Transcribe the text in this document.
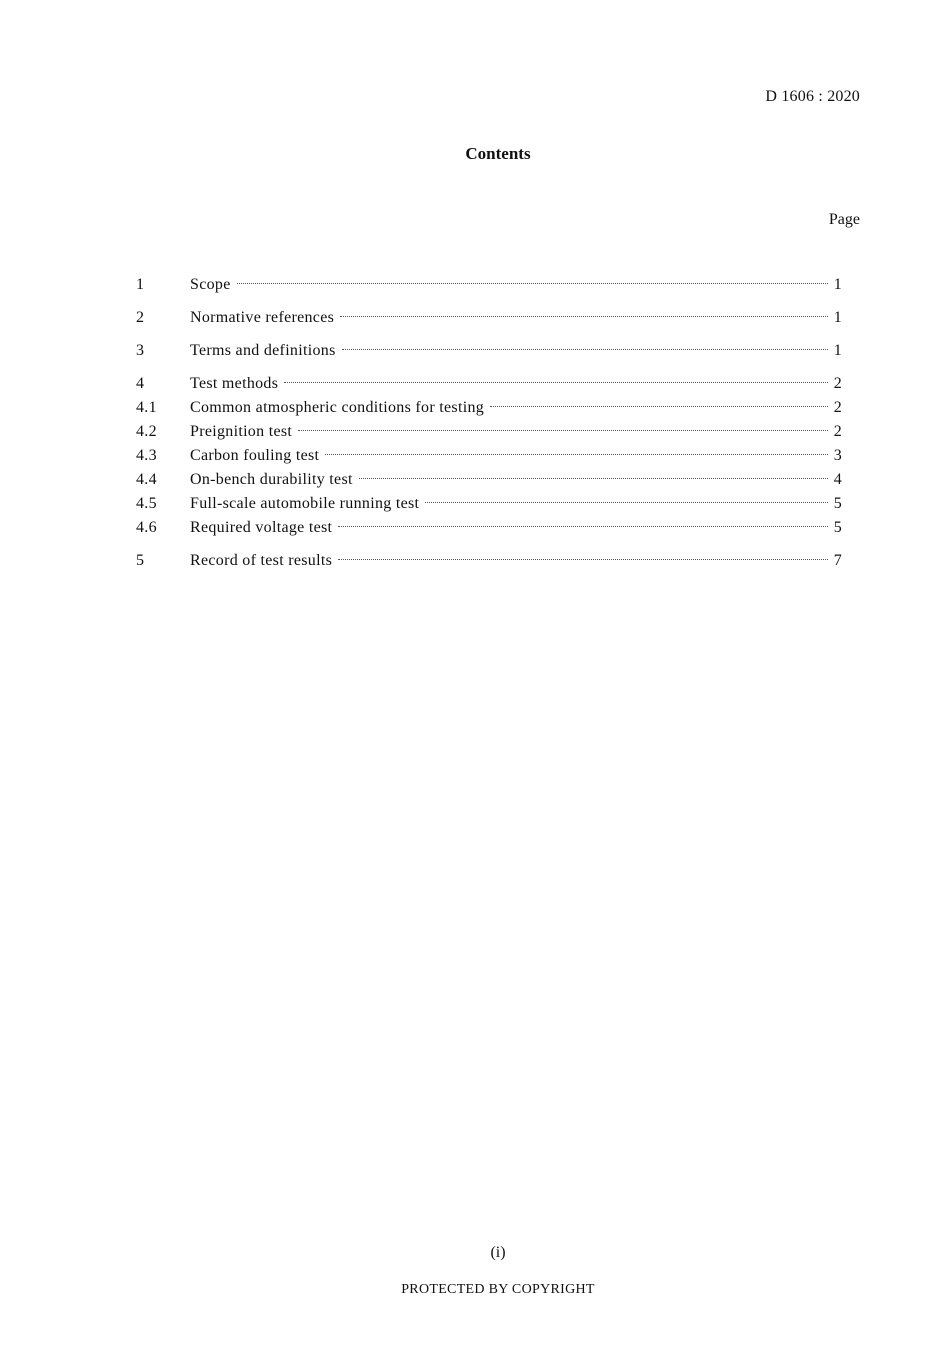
D 1606 : 2020
Contents
Page
1	Scope	1
2	Normative references	1
3	Terms and definitions	1
4	Test methods	2
4.1	Common atmospheric conditions for testing	2
4.2	Preignition test	2
4.3	Carbon fouling test	3
4.4	On-bench durability test	4
4.5	Full-scale automobile running test	5
4.6	Required voltage test	5
5	Record of test results	7
(i)
PROTECTED BY COPYRIGHT
